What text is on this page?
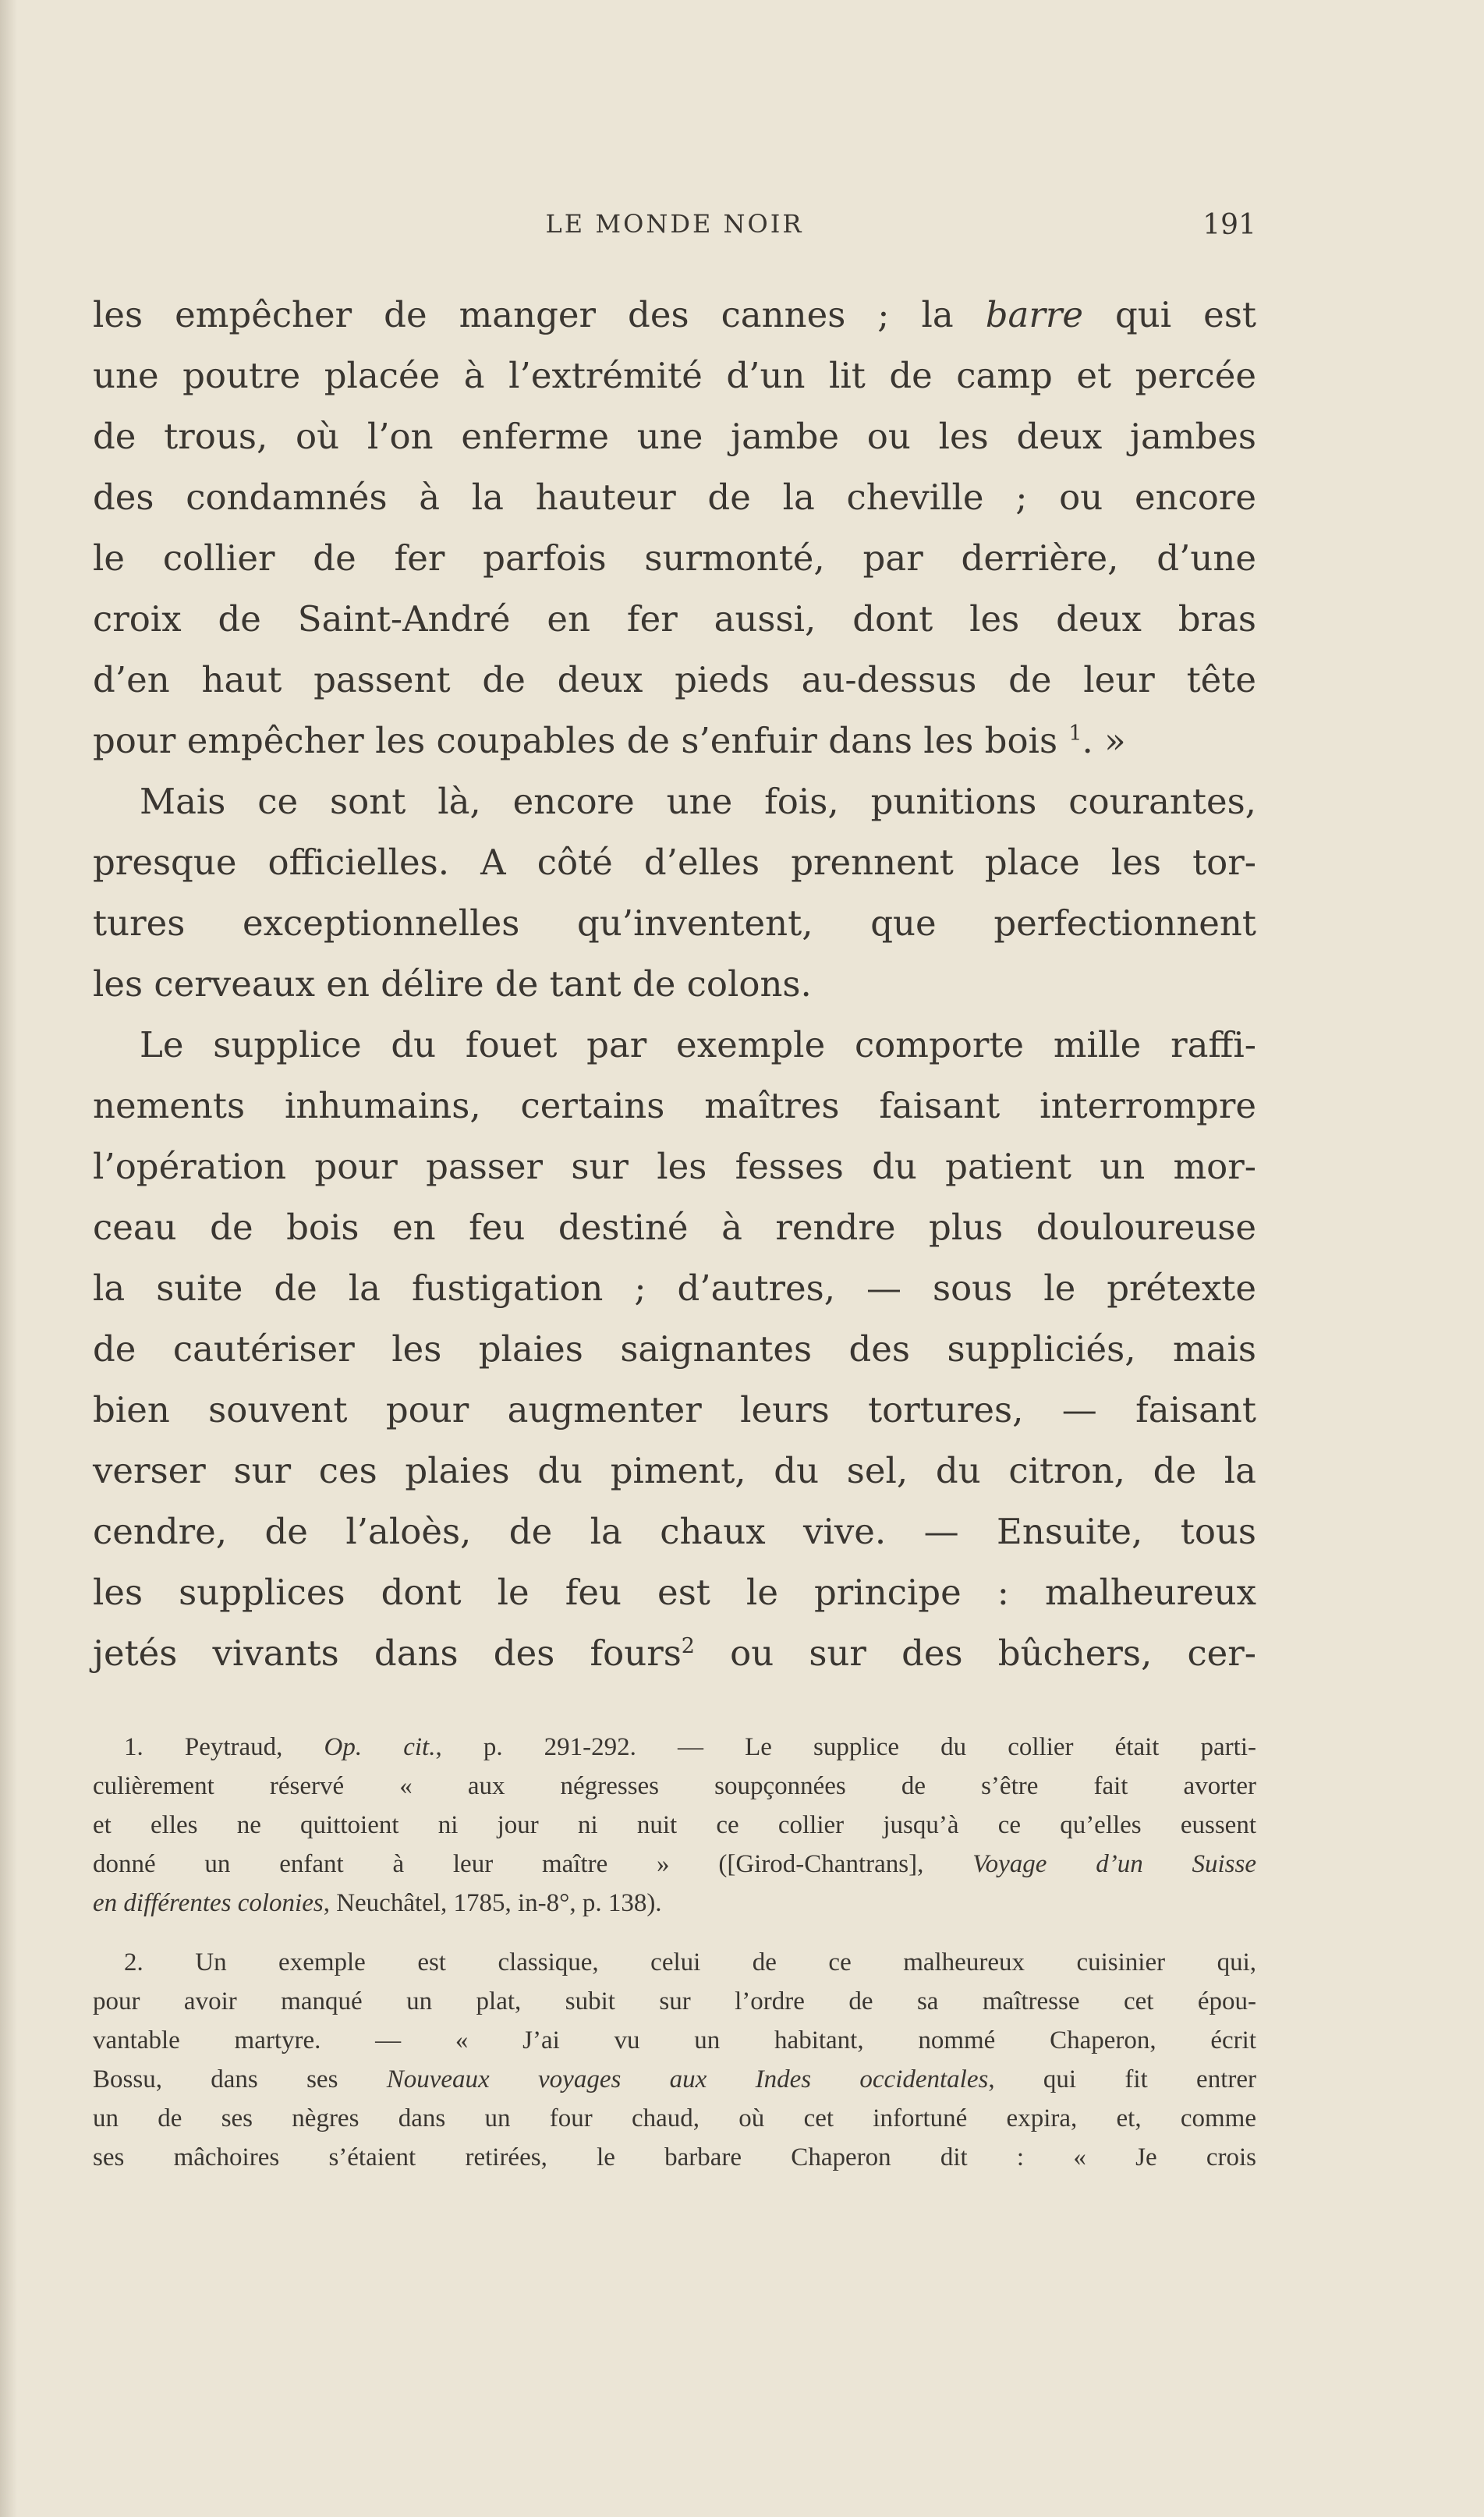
LE MONDE NOIR	191
les empêcher de manger des cannes ; la barre qui est
une poutre placée à l’extrémité d’un lit de camp et percée
de trous, où l’on enferme une jambe ou les deux jambes
des condamnés à la hauteur de la cheville ; ou encore
le collier de fer parfois surmonté, par derrière, d’une
croix de Saint-André en fer aussi, dont les deux bras
d’en haut passent de deux pieds au-dessus de leur tête
pour empêcher les coupables de s’enfuir dans les bois $^1$. »
Mais ce sont là, encore une fois, punitions courantes,
presque officielles. A côté d’elles prennent place les tor-
tures exceptionnelles qu’inventent, que perfectionnent
les cerveaux en délire de tant de colons.
Le supplice du fouet par exemple comporte mille raffi-
nements inhumains, certains maîtres faisant interrompre
l’opération pour passer sur les fesses du patient un mor-
ceau de bois en feu destiné à rendre plus douloureuse
la suite de la fustigation ; d’autres, — sous le prétexte
de cautériser les plaies saignantes des suppliciés, mais
bien souvent pour augmenter leurs tortures, — faisant
verser sur ces plaies du piment, du sel, du citron, de la
cendre, de l’aloès, de la chaux vive. — Ensuite, tous
les supplices dont le feu est le principe : malheureux
jetés vivants dans des fours$^2$ ou sur des bûchers, cer-
1. Peytraud, Op. cit., p. 291-292. — Le supplice du collier était parti-
culièrement réservé « aux négresses soupçonnées de s’être fait avorter
et elles ne quittoient ni jour ni nuit ce collier jusqu’à ce qu’elles eussent
donné un enfant à leur maître » ([Girod-Chantrans], Voyage d’un Suisse
en différentes colonies, Neuchâtel, 1785, in-8°, p. 138).
2. Un exemple est classique, celui de ce malheureux cuisinier qui,
pour avoir manqué un plat, subit sur l’ordre de sa maîtresse cet épou-
vantable martyre. — « J’ai vu un habitant, nommé Chaperon, écrit
Bossu, dans ses Nouveaux voyages aux Indes occidentales, qui fit entrer
un de ses nègres dans un four chaud, où cet infortuné expira, et, comme
ses mâchoires s’étaient retirées, le barbare Chaperon dit : « Je crois
